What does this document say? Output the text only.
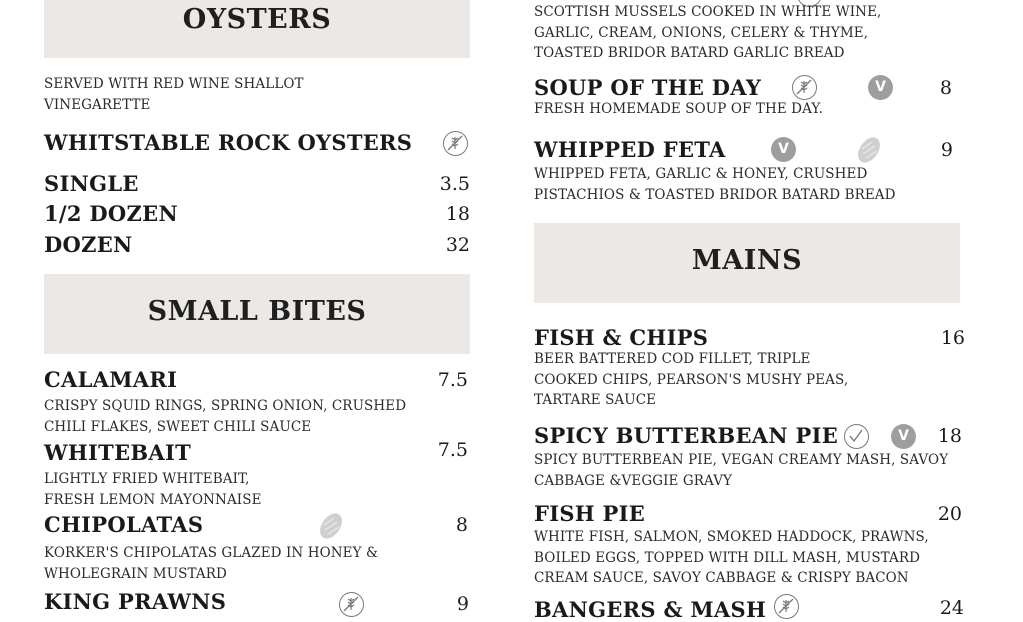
OYSTERS
SERVED WITH RED WINE SHALLOT VINEGARETTE
WHITSTABLE ROCK OYSTERS
SINGLE	3.5
1/2 DOZEN	18
DOZEN	32
SMALL BITES
CALAMARI	7.5
CRISPY SQUID RINGS, SPRING ONION, CRUSHED CHILI FLAKES, SWEET CHILI SAUCE
WHITEBAIT	7.5
LIGHTLY FRIED WHITEBAIT, FRESH LEMON MAYONNAISE
CHIPOLATAS	8
KORKER'S CHIPOLATAS GLAZED IN HONEY & WHOLEGRAIN MUSTARD
KING PRAWNS	9
SCOTTISH MUSSELS COOKED IN WHITE WINE, GARLIC, CREAM, ONIONS, CELERY & THYME, TOASTED BRIDOR BATARD GARLIC BREAD
SOUP OF THE DAY	V	8
FRESH HOMEMADE SOUP OF THE DAY.
WHIPPED FETA	V	9
WHIPPED FETA, GARLIC & HONEY, CRUSHED PISTACHIOS & TOASTED BRIDOR BATARD BREAD
MAINS
FISH & CHIPS	16
BEER BATTERED COD FILLET, TRIPLE COOKED CHIPS, PEARSON'S MUSHY PEAS, TARTARE SAUCE
SPICY BUTTERBEAN PIE	V	18
SPICY BUTTERBEAN PIE, VEGAN CREAMY MASH, SAVOY CABBAGE &VEGGIE GRAVY
FISH PIE	20
WHITE FISH, SALMON, SMOKED HADDOCK, PRAWNS, BOILED EGGS, TOPPED WITH DILL MASH, MUSTARD CREAM SAUCE, SAVOY CABBAGE & CRISPY BACON
BANGERS & MASH	24
